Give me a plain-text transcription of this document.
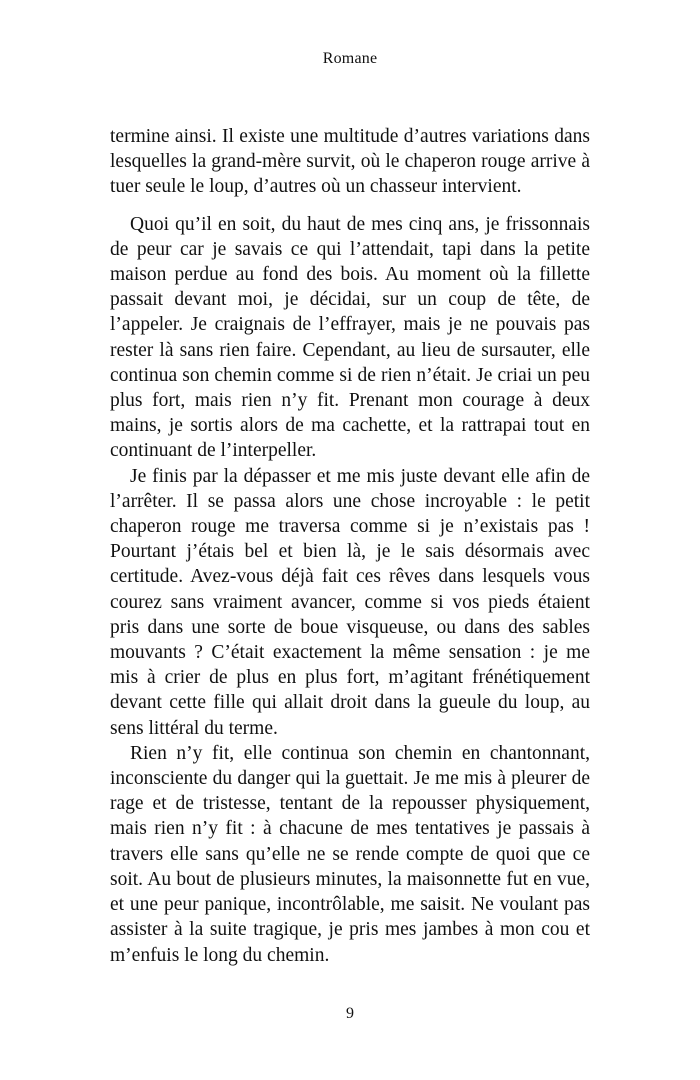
Romane

termine ainsi. Il existe une multitude d’autres variations dans lesquelles la grand-mère survit, où le chaperon rouge arrive à tuer seule le loup, d’autres où un chasseur intervient.

Quoi qu’il en soit, du haut de mes cinq ans, je frissonnais de peur car je savais ce qui l’attendait, tapi dans la petite maison perdue au fond des bois. Au moment où la fillette passait devant moi, je décidai, sur un coup de tête, de l’appeler. Je craignais de l’effrayer, mais je ne pouvais pas rester là sans rien faire. Cependant, au lieu de sursauter, elle continua son chemin comme si de rien n’était. Je criai un peu plus fort, mais rien n’y fit. Prenant mon courage à deux mains, je sortis alors de ma cachette, et la rattrapai tout en continuant de l’interpeller.

Je finis par la dépasser et me mis juste devant elle afin de l’arrêter. Il se passa alors une chose incroyable : le petit chaperon rouge me traversa comme si je n’existais pas ! Pourtant j’étais bel et bien là, je le sais désormais avec certitude. Avez-vous déjà fait ces rêves dans lesquels vous courez sans vraiment avancer, comme si vos pieds étaient pris dans une sorte de boue visqueuse, ou dans des sables mouvants ? C’était exactement la même sensation : je me mis à crier de plus en plus fort, m’agitant frénétiquement devant cette fille qui allait droit dans la gueule du loup, au sens littéral du terme.

Rien n’y fit, elle continua son chemin en chantonnant, inconsciente du danger qui la guettait. Je me mis à pleurer de rage et de tristesse, tentant de la repousser physiquement, mais rien n’y fit : à chacune de mes tentatives je passais à travers elle sans qu’elle ne se rende compte de quoi que ce soit. Au bout de plusieurs minutes, la maisonnette fut en vue, et une peur panique, incontrôlable, me saisit. Ne voulant pas assister à la suite tragique, je pris mes jambes à mon cou et m’enfuis le long du chemin.

9
